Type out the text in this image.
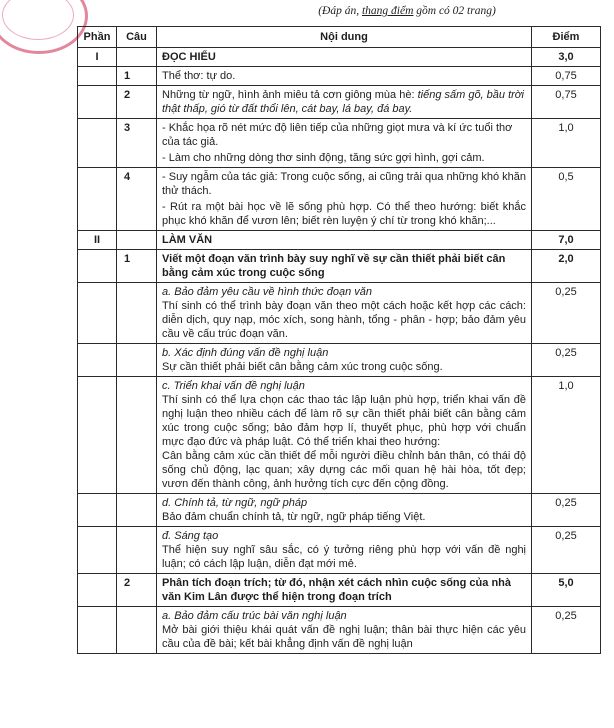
(Đáp án, thang điểm gồm có 02 trang)
Phần	Câu	Nội dung	Điểm
I		ĐỌC HIỂU	3,0
	1	Thể thơ: tự do.	0,75
	2	Những từ ngữ, hình ảnh miêu tả cơn giông mùa hè: tiếng sấm gõ, bầu trời thật thấp, gió từ đất thổi lên, cát bay, lá bay, đá bay.	0,75
	3	- Khắc họa rõ nét mức độ liên tiếp của những giọt mưa và kí ức tuổi thơ của tác giả.

- Làm cho những dòng thơ sinh động, tăng sức gợi hình, gợi cảm.	1,0
	4	- Suy ngẫm của tác giả: Trong cuộc sống, ai cũng trải qua những khó khăn thử thách.

- Rút ra một bài học về lẽ sống phù hợp. Có thể theo hướng: biết khắc phục khó khăn để vươn lên; biết rèn luyện ý chí từ trong khó khăn;...	0,5
II		LÀM VĂN	7,0
	1	Viết một đoạn văn trình bày suy nghĩ về sự cần thiết phải biết cân bằng cảm xúc trong cuộc sống	2,0

		a. Bảo đảm yêu cầu về hình thức đoạn văn

Thí sinh có thể trình bày đoạn văn theo một cách hoặc kết hợp các cách: diễn dịch, quy nạp, móc xích, song hành, tổng - phân - hợp; bảo đảm yêu cầu về cấu trúc đoạn văn.	0,25

		b. Xác định đúng vấn đề nghị luận

Sự cần thiết phải biết cân bằng cảm xúc trong cuộc sống.	0,25

		c. Triển khai vấn đề nghị luận

Thí sinh có thể lựa chọn các thao tác lập luận phù hợp, triển khai vấn đề nghị luận theo nhiều cách để làm rõ sự cần thiết phải biết cân bằng cảm xúc trong cuộc sống; bảo đảm hợp lí, thuyết phục, phù hợp với chuẩn mực đạo đức và pháp luật. Có thể triển khai theo hướng:

Cân bằng cảm xúc cần thiết để mỗi người điều chỉnh bản thân, có thái độ sống chủ động, lạc quan; xây dựng các mối quan hệ hài hòa, tốt đẹp; vươn đến thành công, ảnh hưởng tích cực đến cộng đồng.	1,0

		d. Chính tả, từ ngữ, ngữ pháp

Bảo đảm chuẩn chính tả, từ ngữ, ngữ pháp tiếng Việt.	0,25

		đ. Sáng tạo

Thể hiện suy nghĩ sâu sắc, có ý tưởng riêng phù hợp với vấn đề nghị luận; có cách lập luận, diễn đạt mới mẻ.	0,25
	2	Phân tích đoạn trích; từ đó, nhận xét cách nhìn cuộc sống của nhà văn Kim Lân được thể hiện trong đoạn trích	5,0

		a. Bảo đảm cấu trúc bài văn nghị luận

Mở bài giới thiệu khái quát vấn đề nghị luận; thân bài thực hiện các yêu cầu của đề bài; kết bài khẳng định vấn đề nghị luận	0,25
